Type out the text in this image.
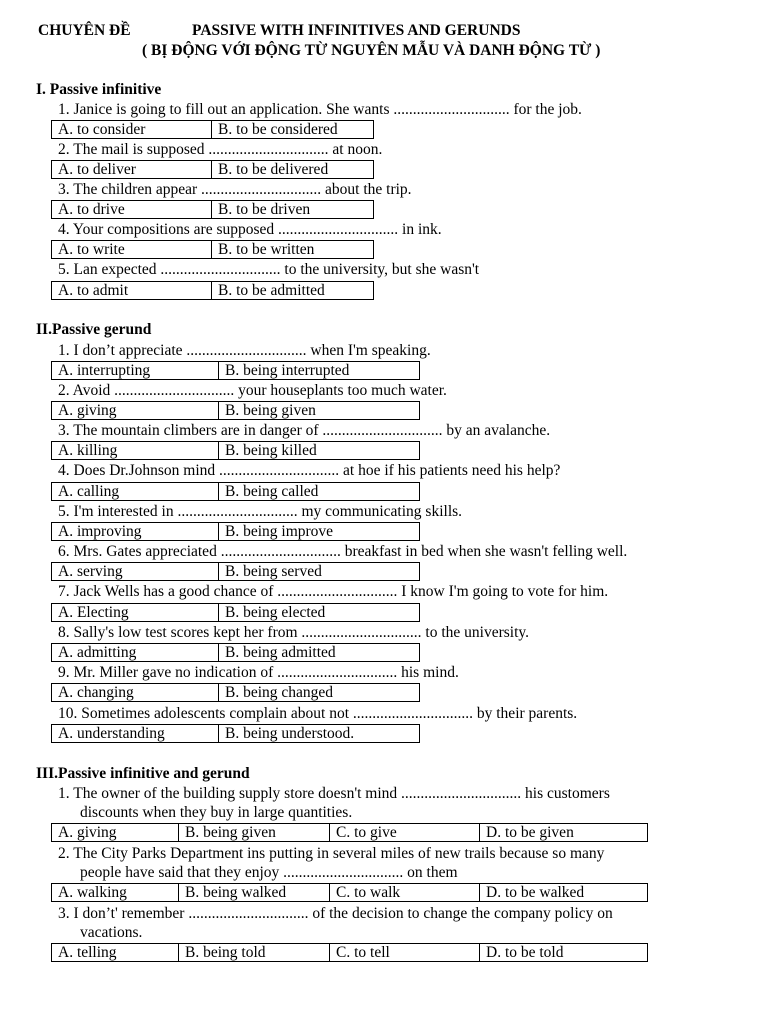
CHUYÊN ĐỀ	PASSIVE WITH INFINITIVES AND GERUNDS
( BỊ ĐỘNG VỚI ĐỘNG TỪ NGUYÊN MẪU VÀ DANH ĐỘNG TỪ )
I. Passive infinitive
1. Janice is going to fill out an application. She wants .............................. for the job.
A. to consider	B. to be considered
2. The mail is supposed ............................... at noon.
A. to deliver	B. to be delivered
3. The children appear ............................... about the trip.
A. to drive	B. to be driven
4. Your compositions are supposed ............................... in ink.
A. to write	B. to be written
5. Lan expected ............................... to the university, but she wasn't
A. to admit	B. to be admitted
II.Passive gerund
1. I don’t appreciate ............................... when I'm speaking.
A. interrupting	B. being interrupted
2. Avoid ............................... your houseplants too much water.
A. giving	B. being given
3. The mountain climbers are in danger of ............................... by an avalanche.
A. killing	B. being killed
4. Does Dr.Johnson mind ............................... at hoe if his patients need his help?
A. calling	B. being called
5. I'm interested in ............................... my communicating skills.
A. improving	B. being improve
6. Mrs. Gates appreciated ............................... breakfast in bed when she wasn't felling well.
A. serving	B. being served
7. Jack Wells has a good chance of ............................... I know I'm going to vote for him.
A. Electing	B. being elected
8. Sally's low test scores kept her from ............................... to the university.
A. admitting	B. being admitted
9. Mr. Miller gave no indication of ............................... his mind.
A. changing	B. being changed
10. Sometimes adolescents complain about not ............................... by their parents.
A. understanding	B. being understood.
III.Passive infinitive and gerund
1. The owner of the building supply store doesn't mind ............................... his customers
discounts when they buy in large quantities.
A. giving	B. being given	C. to give	D. to be given
2. The City Parks Department ins putting in several miles of new trails because so many
people have said that they enjoy ............................... on them
A. walking	B. being walked	C. to walk	D. to be walked
3. I don’t' remember ............................... of the decision to change the company policy on
vacations.
A. telling	B. being told	C. to tell	D. to be told
